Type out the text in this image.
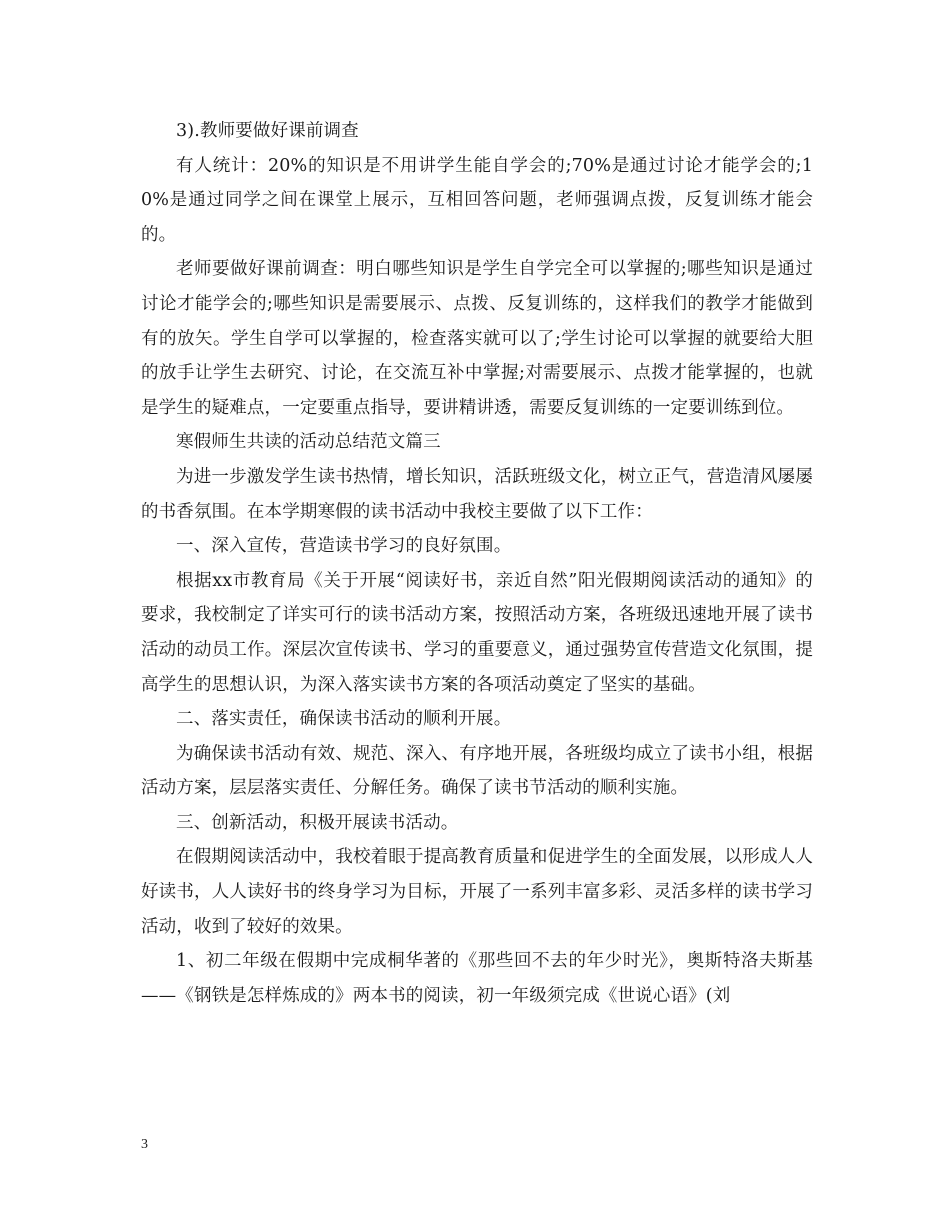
3).教师要做好课前调查

有人统计：20%的知识是不用讲学生能自学会的;70%是通过讨论才能学会的;10%是通过同学之间在课堂上展示，互相回答问题，老师强调点拨，反复训练才能会的。

老师要做好课前调查：明白哪些知识是学生自学完全可以掌握的;哪些知识是通过讨论才能学会的;哪些知识是需要展示、点拨、反复训练的，这样我们的教学才能做到有的放矢。学生自学可以掌握的，检查落实就可以了;学生讨论可以掌握的就要给大胆的放手让学生去研究、讨论，在交流互补中掌握;对需要展示、点拨才能掌握的，也就是学生的疑难点，一定要重点指导，要讲精讲透，需要反复训练的一定要训练到位。

寒假师生共读的活动总结范文篇三

为进一步激发学生读书热情，增长知识，活跃班级文化，树立正气，营造清风屡屡的书香氛围。在本学期寒假的读书活动中我校主要做了以下工作：

一、深入宣传，营造读书学习的良好氛围。

根据xx市教育局《关于开展“阅读好书，亲近自然”阳光假期阅读活动的通知》的要求，我校制定了详实可行的读书活动方案，按照活动方案，各班级迅速地开展了读书活动的动员工作。深层次宣传读书、学习的重要意义，通过强势宣传营造文化氛围，提高学生的思想认识，为深入落实读书方案的各项活动奠定了坚实的基础。

二、落实责任，确保读书活动的顺利开展。

为确保读书活动有效、规范、深入、有序地开展，各班级均成立了读书小组，根据活动方案，层层落实责任、分解任务。确保了读书节活动的顺利实施。

三、创新活动，积极开展读书活动。

在假期阅读活动中，我校着眼于提高教育质量和促进学生的全面发展，以形成人人好读书，人人读好书的终身学习为目标，开展了一系列丰富多彩、灵活多样的读书学习活动，收到了较好的效果。

1、初二年级在假期中完成桐华著的《那些回不去的年少时光》，奥斯特洛夫斯基——《钢铁是怎样炼成的》两本书的阅读，初一年级须完成《世说心语》(刘

3
